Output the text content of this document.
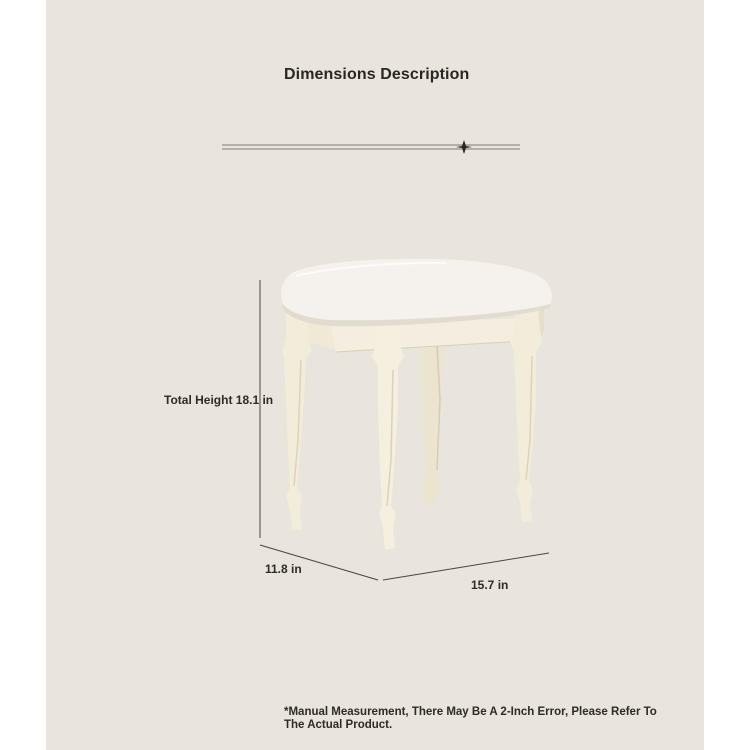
Dimensions Description
Total Height 18.1 in
11.8 in
15.7 in
*Manual Measurement, There May Be A 2-Inch Error, Please Refer To The Actual Product.
